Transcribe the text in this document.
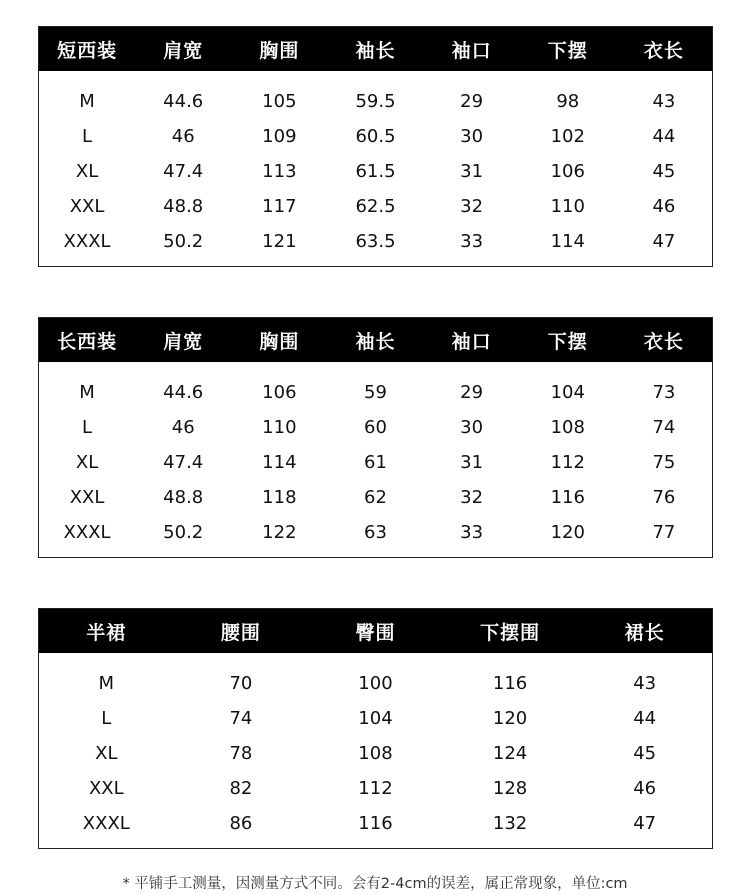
短西装	肩宽	胸围	袖长	袖口	下摆	衣长
M	44.6	105	59.5	29	98	43
L	46	109	60.5	30	102	44
XL	47.4	113	61.5	31	106	45
XXL	48.8	117	62.5	32	110	46
XXXL	50.2	121	63.5	33	114	47
长西装	肩宽	胸围	袖长	袖口	下摆	衣长
M	44.6	106	59	29	104	73
L	46	110	60	30	108	74
XL	47.4	114	61	31	112	75
XXL	48.8	118	62	32	116	76
XXXL	50.2	122	63	33	120	77
半裙	腰围	臀围	下摆围	裙长
M	70	100	116	43
L	74	104	120	44
XL	78	108	124	45
XXL	82	112	128	46
XXXL	86	116	132	47
* 平铺手工测量，因测量方式不同。会有2-4cm的误差，属正常现象，单位:cm
